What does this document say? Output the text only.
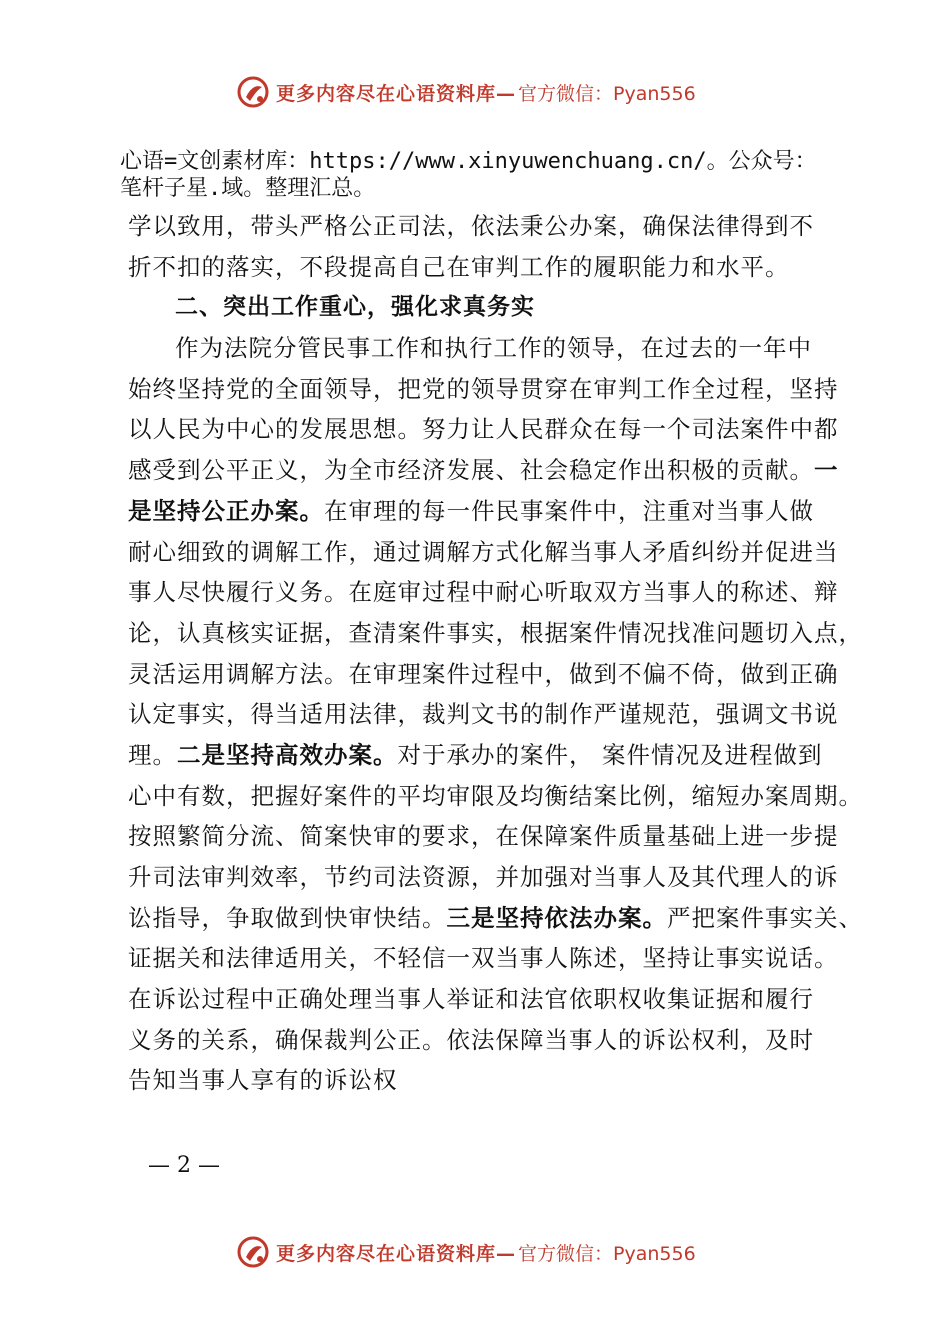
更多内容尽在心语资料库— 官方微信：Pyan556
心语=文创素材库：https://www.xinyuwenchuang.cn/。公众号：
笔杆子星.域。整理汇总。
学以致用，带头严格公正司法，依法秉公办案，确保法律得到不
折不扣的落实，不段提高自己在审判工作的履职能力和水平。
二、突出工作重心，强化求真务实
作为法院分管民事工作和执行工作的领导，在过去的一年中
始终坚持党的全面领导，把党的领导贯穿在审判工作全过程，坚持
以人民为中心的发展思想。努力让人民群众在每一个司法案件中都
感受到公平正义，为全市经济发展、社会稳定作出积极的贡献。一
是坚持公正办案。在审理的每一件民事案件中，注重对当事人做
耐心细致的调解工作，通过调解方式化解当事人矛盾纠纷并促进当
事人尽快履行义务。在庭审过程中耐心听取双方当事人的称述、辩
论，认真核实证据，查清案件事实，根据案件情况找准问题切入点，
灵活运用调解方法。在审理案件过程中，做到不偏不倚，做到正确
认定事实，得当适用法律，裁判文书的制作严谨规范，强调文书说
理。二是坚持高效办案。对于承办的案件， 案件情况及进程做到
心中有数，把握好案件的平均审限及均衡结案比例，缩短办案周期。
按照繁简分流、简案快审的要求，在保障案件质量基础上进一步提
升司法审判效率，节约司法资源，并加强对当事人及其代理人的诉
讼指导，争取做到快审快结。三是坚持依法办案。严把案件事实关、
证据关和法律适用关，不轻信一双当事人陈述，坚持让事实说话。
在诉讼过程中正确处理当事人举证和法官依职权收集证据和履行
义务的关系，确保裁判公正。依法保障当事人的诉讼权利，及时
告知当事人享有的诉讼权
— 2 —
更多内容尽在心语资料库— 官方微信：Pyan556
